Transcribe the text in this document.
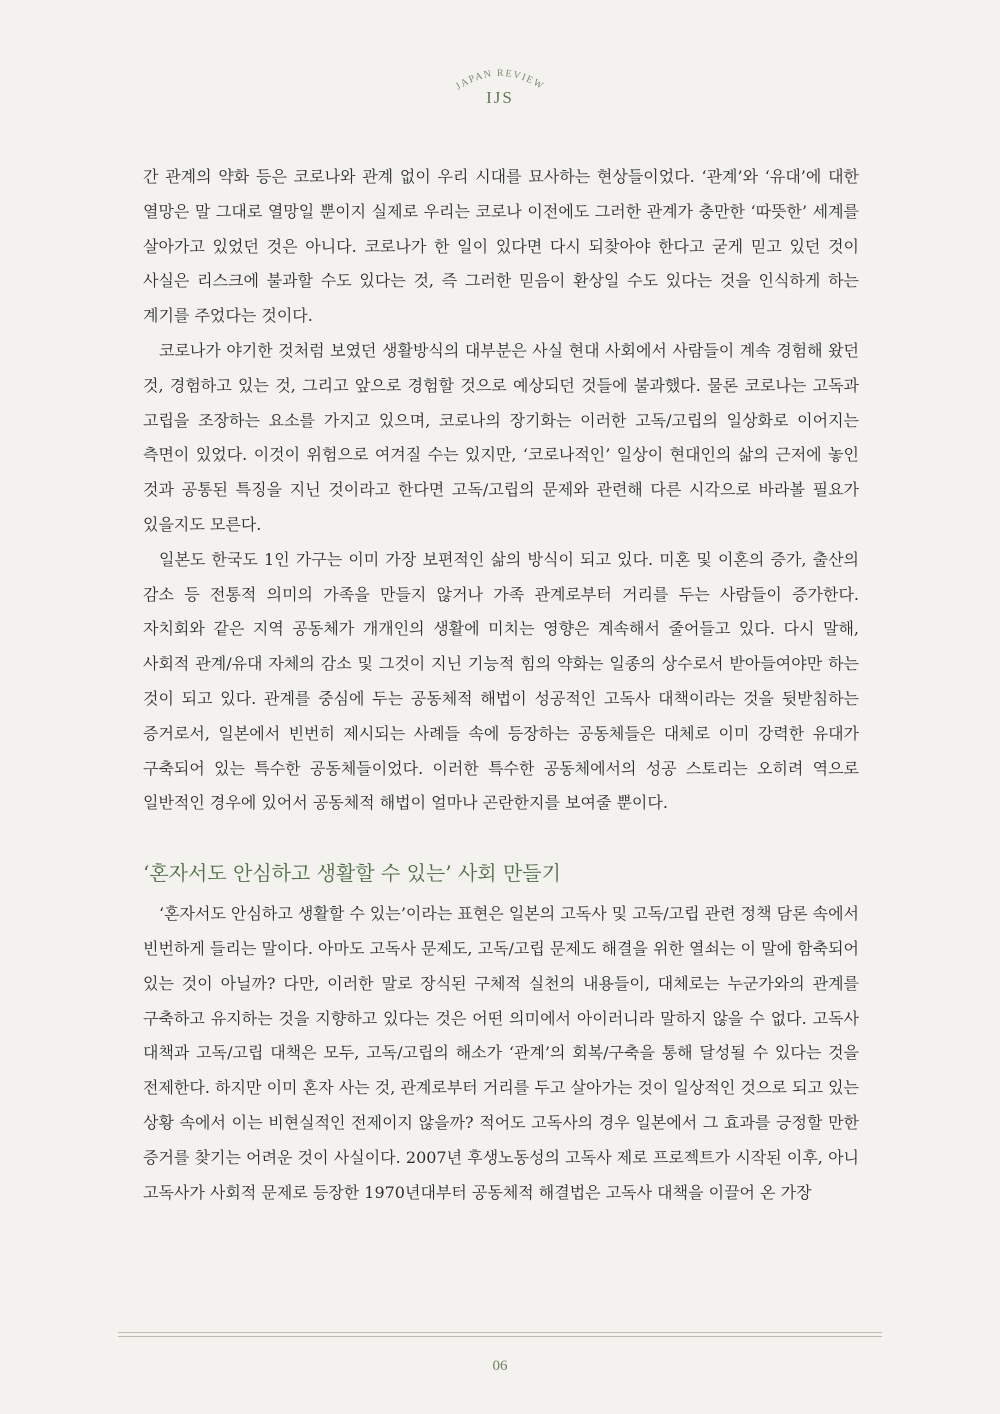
JAPAN REVIEW
IJS

간 관계의 약화 등은 코로나와 관계 없이 우리 시대를 묘사하는 현상들이었다. ‘관계’와 ‘유대’에 대한 열망은 말 그대로 열망일 뿐이지 실제로 우리는 코로나 이전에도 그러한 관계가 충만한 ‘따뜻한’ 세계를 살아가고 있었던 것은 아니다. 코로나가 한 일이 있다면 다시 되찾아야 한다고 굳게 믿고 있던 것이 사실은 리스크에 불과할 수도 있다는 것, 즉 그러한 믿음이 환상일 수도 있다는 것을 인식하게 하는 계기를 주었다는 것이다.

코로나가 야기한 것처럼 보였던 생활방식의 대부분은 사실 현대 사회에서 사람들이 계속 경험해 왔던 것, 경험하고 있는 것, 그리고 앞으로 경험할 것으로 예상되던 것들에 불과했다. 물론 코로나는 고독과 고립을 조장하는 요소를 가지고 있으며, 코로나의 장기화는 이러한 고독/고립의 일상화로 이어지는 측면이 있었다. 이것이 위험으로 여겨질 수는 있지만, ‘코로나적인’ 일상이 현대인의 삶의 근저에 놓인 것과 공통된 특징을 지닌 것이라고 한다면 고독/고립의 문제와 관련해 다른 시각으로 바라볼 필요가 있을지도 모른다.

일본도 한국도 1인 가구는 이미 가장 보편적인 삶의 방식이 되고 있다. 미혼 및 이혼의 증가, 출산의 감소 등 전통적 의미의 가족을 만들지 않거나 가족 관계로부터 거리를 두는 사람들이 증가한다. 자치회와 같은 지역 공동체가 개개인의 생활에 미치는 영향은 계속해서 줄어들고 있다. 다시 말해, 사회적 관계/유대 자체의 감소 및 그것이 지닌 기능적 힘의 약화는 일종의 상수로서 받아들여야만 하는 것이 되고 있다. 관계를 중심에 두는 공동체적 해법이 성공적인 고독사 대책이라는 것을 뒷받침하는 증거로서, 일본에서 빈번히 제시되는 사례들 속에 등장하는 공동체들은 대체로 이미 강력한 유대가 구축되어 있는 특수한 공동체들이었다. 이러한 특수한 공동체에서의 성공 스토리는 오히려 역으로 일반적인 경우에 있어서 공동체적 해법이 얼마나 곤란한지를 보여줄 뿐이다.

‘혼자서도 안심하고 생활할 수 있는’ 사회 만들기

‘혼자서도 안심하고 생활할 수 있는’이라는 표현은 일본의 고독사 및 고독/고립 관련 정책 담론 속에서 빈번하게 들리는 말이다. 아마도 고독사 문제도, 고독/고립 문제도 해결을 위한 열쇠는 이 말에 함축되어 있는 것이 아닐까? 다만, 이러한 말로 장식된 구체적 실천의 내용들이, 대체로는 누군가와의 관계를 구축하고 유지하는 것을 지향하고 있다는 것은 어떤 의미에서 아이러니라 말하지 않을 수 없다. 고독사 대책과 고독/고립 대책은 모두, 고독/고립의 해소가 ‘관계’의 회복/구축을 통해 달성될 수 있다는 것을 전제한다. 하지만 이미 혼자 사는 것, 관계로부터 거리를 두고 살아가는 것이 일상적인 것으로 되고 있는 상황 속에서 이는 비현실적인 전제이지 않을까? 적어도 고독사의 경우 일본에서 그 효과를 긍정할 만한 증거를 찾기는 어려운 것이 사실이다. 2007년 후생노동성의 고독사 제로 프로젝트가 시작된 이후, 아니 고독사가 사회적 문제로 등장한 1970년대부터 공동체적 해결법은 고독사 대책을 이끌어 온 가장

06
